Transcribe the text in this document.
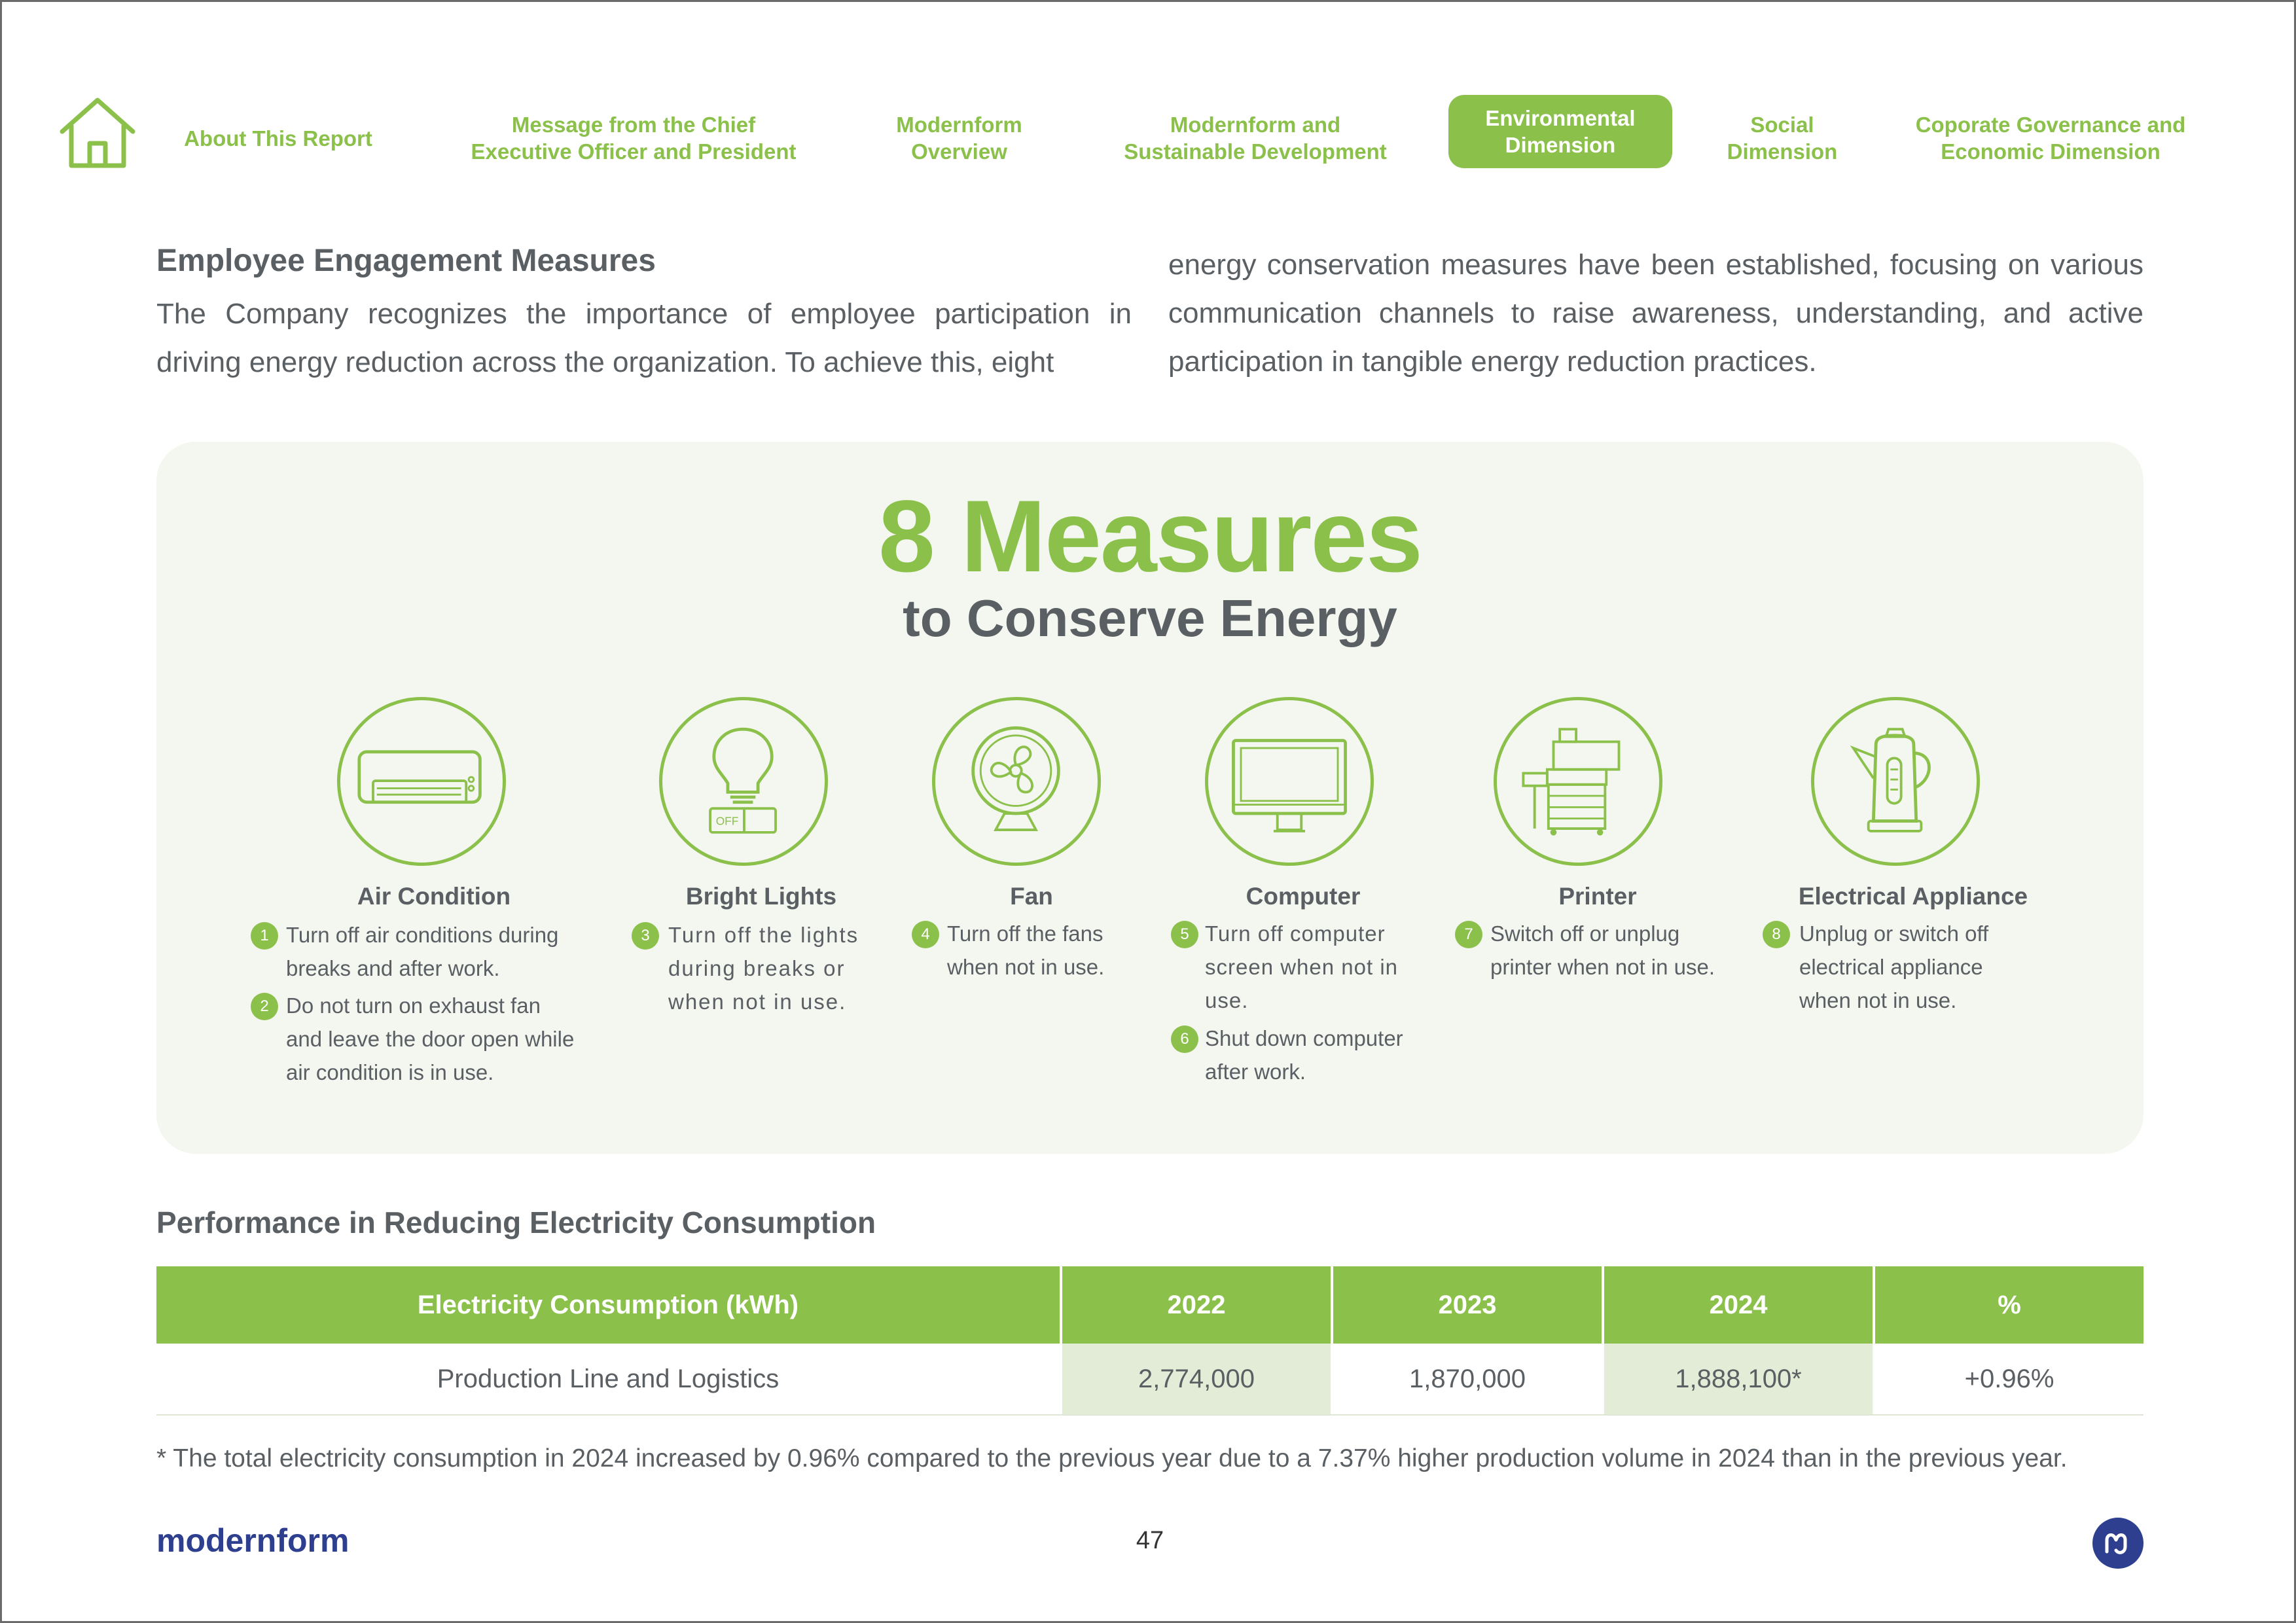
About This Report
Message from the Chief
Executive Officer and President
Modernform
Overview
Modernform and
Sustainable Development
Environmental
Dimension
Social
Dimension
Coporate Governance and
Economic Dimension
Employee Engagement Measures
The Company recognizes the importance of employee participation in driving energy reduction across the organization. To achieve this, eight
energy conservation measures have been established, focusing on various communication channels to raise awareness, understanding, and active participation in tangible energy reduction practices.
8 Measures
to Conserve Energy
OFF
Air Condition	Bright Lights	Fan	Computer	Printer	Electrical Appliance
1 Turn off air conditions during
breaks and after work.
2 Do not turn on exhaust fan
and leave the door open while
air condition is in use.
3 Turn off the lights
during breaks or
when not in use.
4 Turn off the fans
when not in use.
5 Turn off computer
screen when not in
use.
6 Shut down computer
after work.
7 Switch off or unplug
printer when not in use.
8 Unplug or switch off
electrical appliance
when not in use.
Performance in Reducing Electricity Consumption
Electricity Consumption (kWh)	2022	2023	2024	%
Production Line and Logistics	2,774,000	1,870,000	1,888,100*	+0.96%
* The total electricity consumption in 2024 increased by 0.96% compared to the previous year due to a 7.37% higher production volume in 2024 than in the previous year.
modernform	47
